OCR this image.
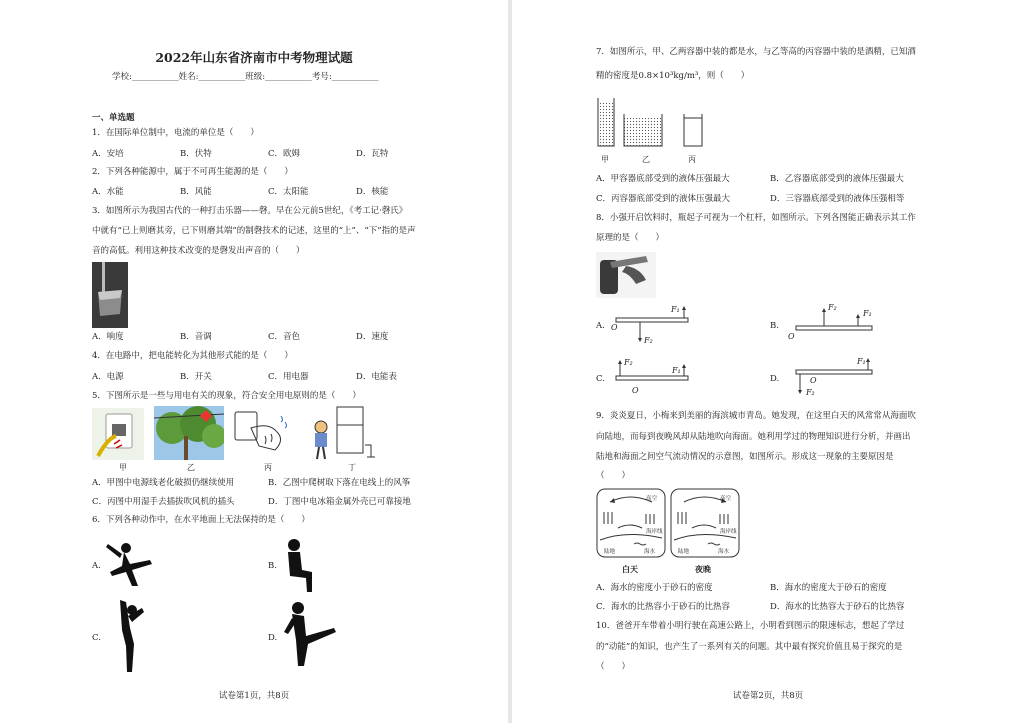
2022年山东省济南市中考物理试题
学校:___________姓名:___________班级:___________考号:___________
一、单选题
1．在国际单位制中，电流的单位是（　　）
A．安培	B．伏特	C．欧姆	D．瓦特
2．下列各种能源中，属于不可再生能源的是（　　）
A．水能	B．风能	C．太阳能	D．核能
3．如图所示为我国古代的一种打击乐器——磬。早在公元前5世纪，《考工记·磬氏》
中就有“已上则磨其旁，已下则磨其端”的制磬技术的记述，这里的“上”、“下”指的是声
音的高低。利用这种技术改变的是磬发出声音的（　　）
A．响度	B．音调	C．音色	D．速度
4．在电路中，把电能转化为其他形式能的是（　　）
A．电源	B．开关	C．用电器	D．电能表
5．下图所示是一些与用电有关的现象，符合安全用电原则的是（　　）
甲	乙	丙	丁
A．甲图中电源线老化破损仍继续使用	B．乙图中爬树取下落在电线上的风筝
C．丙图中用湿手去插拔吹风机的插头	D．丁图中电冰箱金属外壳已可靠接地
6．下列各种动作中，在水平地面上无法保持的是（　　）
A.	B.
C.	D.
试卷第1页，共8页
7．如图所示，甲、乙两容器中装的都是水，与乙等高的丙容器中装的是酒精，已知酒
精的密度是0.8×10³kg/m³，则（　　）
甲	乙	丙
A．甲容器底部受到的液体压强最大	B．乙容器底部受到的液体压强最大
C．丙容器底部受到的液体压强最大	D．三容器底部受到的液体压强相等
8．小强开启饮料时，瓶起子可视为一个杠杆，如图所示。下列各图能正确表示其工作
原理的是（　　）
A.
F₁
F₂
O	B.
F₁
F₂
O
C.
F₁
F₂
O
D.
F₁
F₂
O
9．炎炎夏日，小梅来到美丽的海滨城市青岛。她发现，在这里白天的风常常从海面吹
向陆地，而每到夜晚风却从陆地吹向海面。她利用学过的物理知识进行分析，并画出
陆地和海面之间空气流动情况的示意图，如图所示。形成这一现象的主要原因是
（　　）
高空
海岸线
陆地	海水
高空
海岸线
陆地	海水
白天	夜晚
A．海水的密度小于砂石的密度	B．海水的密度大于砂石的密度
C．海水的比热容小于砂石的比热容	D．海水的比热容大于砂石的比热容
10．爸爸开车带着小明行驶在高速公路上，小明看到图示的限速标志，想起了学过
的“动能”的知识，也产生了一系列有关的问题。其中最有探究价值且易于探究的是
（　　）
试卷第2页，共8页
